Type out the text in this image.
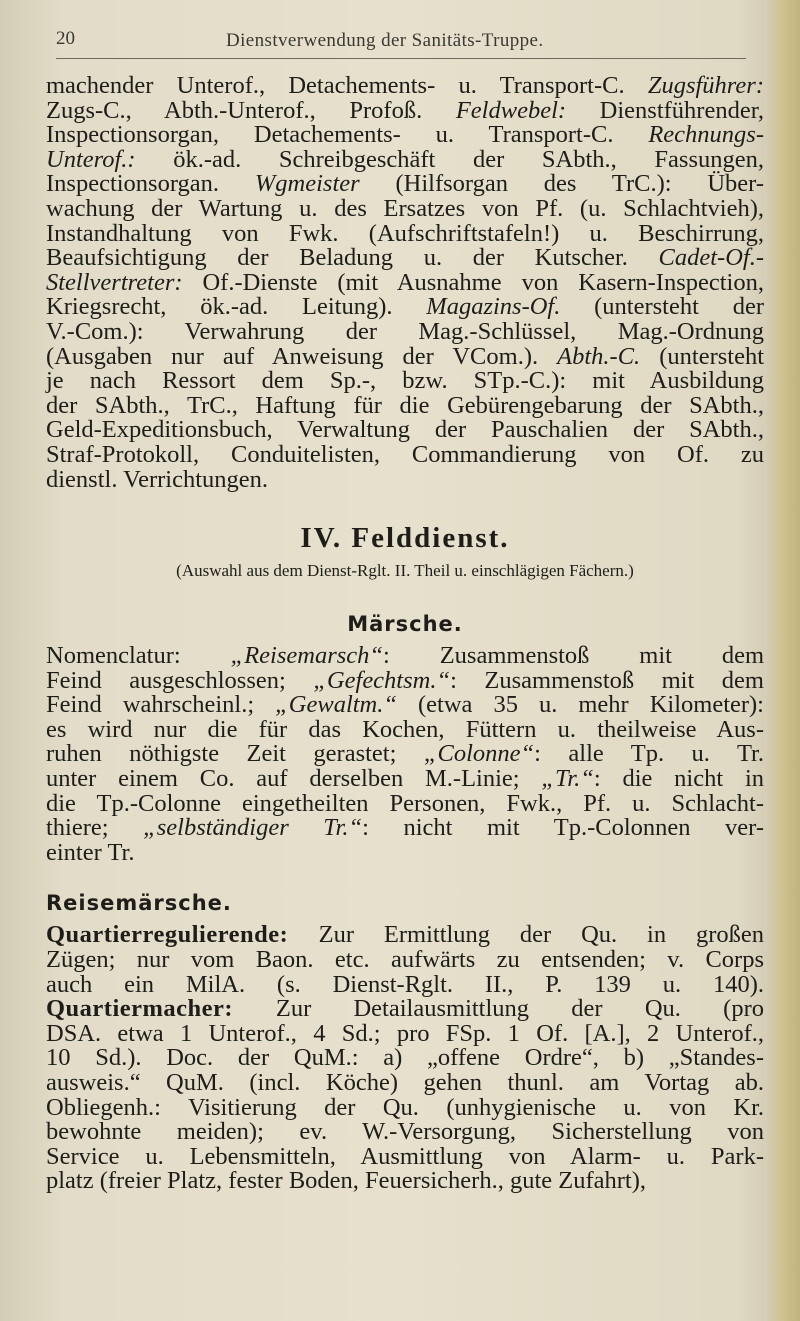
20	Dienstverwendung der Sanitäts-Truppe.
machender Unterof., Detachements- u. Transport-C. Zugsführer:
Zugs-C., Abth.-Unterof., Profoß. Feldwebel: Dienstführender,
Inspectionsorgan, Detachements- u. Transport-C. Rechnungs-
Unterof.: ök.-ad. Schreibgeschäft der SAbth., Fassungen,
Inspectionsorgan. Wgmeister (Hilfsorgan des TrC.): Über-
wachung der Wartung u. des Ersatzes von Pf. (u. Schlachtvieh),
Instandhaltung von Fwk. (Aufschriftstafeln!) u. Beschirrung,
Beaufsichtigung der Beladung u. der Kutscher. Cadet-Of.-
Stellvertreter: Of.-Dienste (mit Ausnahme von Kasern-Inspection,
Kriegsrecht, ök.-ad. Leitung). Magazins-Of. (untersteht der
V.-Com.): Verwahrung der Mag.-Schlüssel, Mag.-Ordnung
(Ausgaben nur auf Anweisung der VCom.). Abth.-C. (untersteht
je nach Ressort dem Sp.-, bzw. STp.-C.): mit Ausbildung
der SAbth., TrC., Haftung für die Gebürengebarung der SAbth.,
Geld-Expeditionsbuch, Verwaltung der Pauschalien der SAbth.,
Straf-Protokoll, Conduitelisten, Commandierung von Of. zu
dienstl. Verrichtungen.
IV. Felddienst.
(Auswahl aus dem Dienst-Rglt. II. Theil u. einschlägigen Fächern.)
Märsche.
Nomenclatur: „Reisemarsch“: Zusammenstoß mit dem
Feind ausgeschlossen; „Gefechtsm.“: Zusammenstoß mit dem
Feind wahrscheinl.; „Gewaltm.“ (etwa 35 u. mehr Kilometer):
es wird nur die für das Kochen, Füttern u. theilweise Aus-
ruhen nöthigste Zeit gerastet; „Colonne“: alle Tp. u. Tr.
unter einem Co. auf derselben M.-Linie; „Tr.“: die nicht in
die Tp.-Colonne eingetheilten Personen, Fwk., Pf. u. Schlacht-
thiere; „selbständiger Tr.“: nicht mit Tp.-Colonnen ver-
einter Tr.
Reisemärsche.
Quartierregulierende: Zur Ermittlung der Qu. in großen
Zügen; nur vom Baon. etc. aufwärts zu entsenden; v. Corps
auch ein MilA. (s. Dienst-Rglt. II., P. 139 u. 140).
Quartiermacher: Zur Detailausmittlung der Qu. (pro
DSA. etwa 1 Unterof., 4 Sd.; pro FSp. 1 Of. [A.], 2 Unterof.,
10 Sd.). Doc. der QuM.: a) „offene Ordre“, b) „Standes-
ausweis.“ QuM. (incl. Köche) gehen thunl. am Vortag ab.
Obliegenh.: Visitierung der Qu. (unhygienische u. von Kr.
bewohnte meiden); ev. W.-Versorgung, Sicherstellung von
Service u. Lebensmitteln, Ausmittlung von Alarm- u. Park-
platz (freier Platz, fester Boden, Feuersicherh., gute Zufahrt),
